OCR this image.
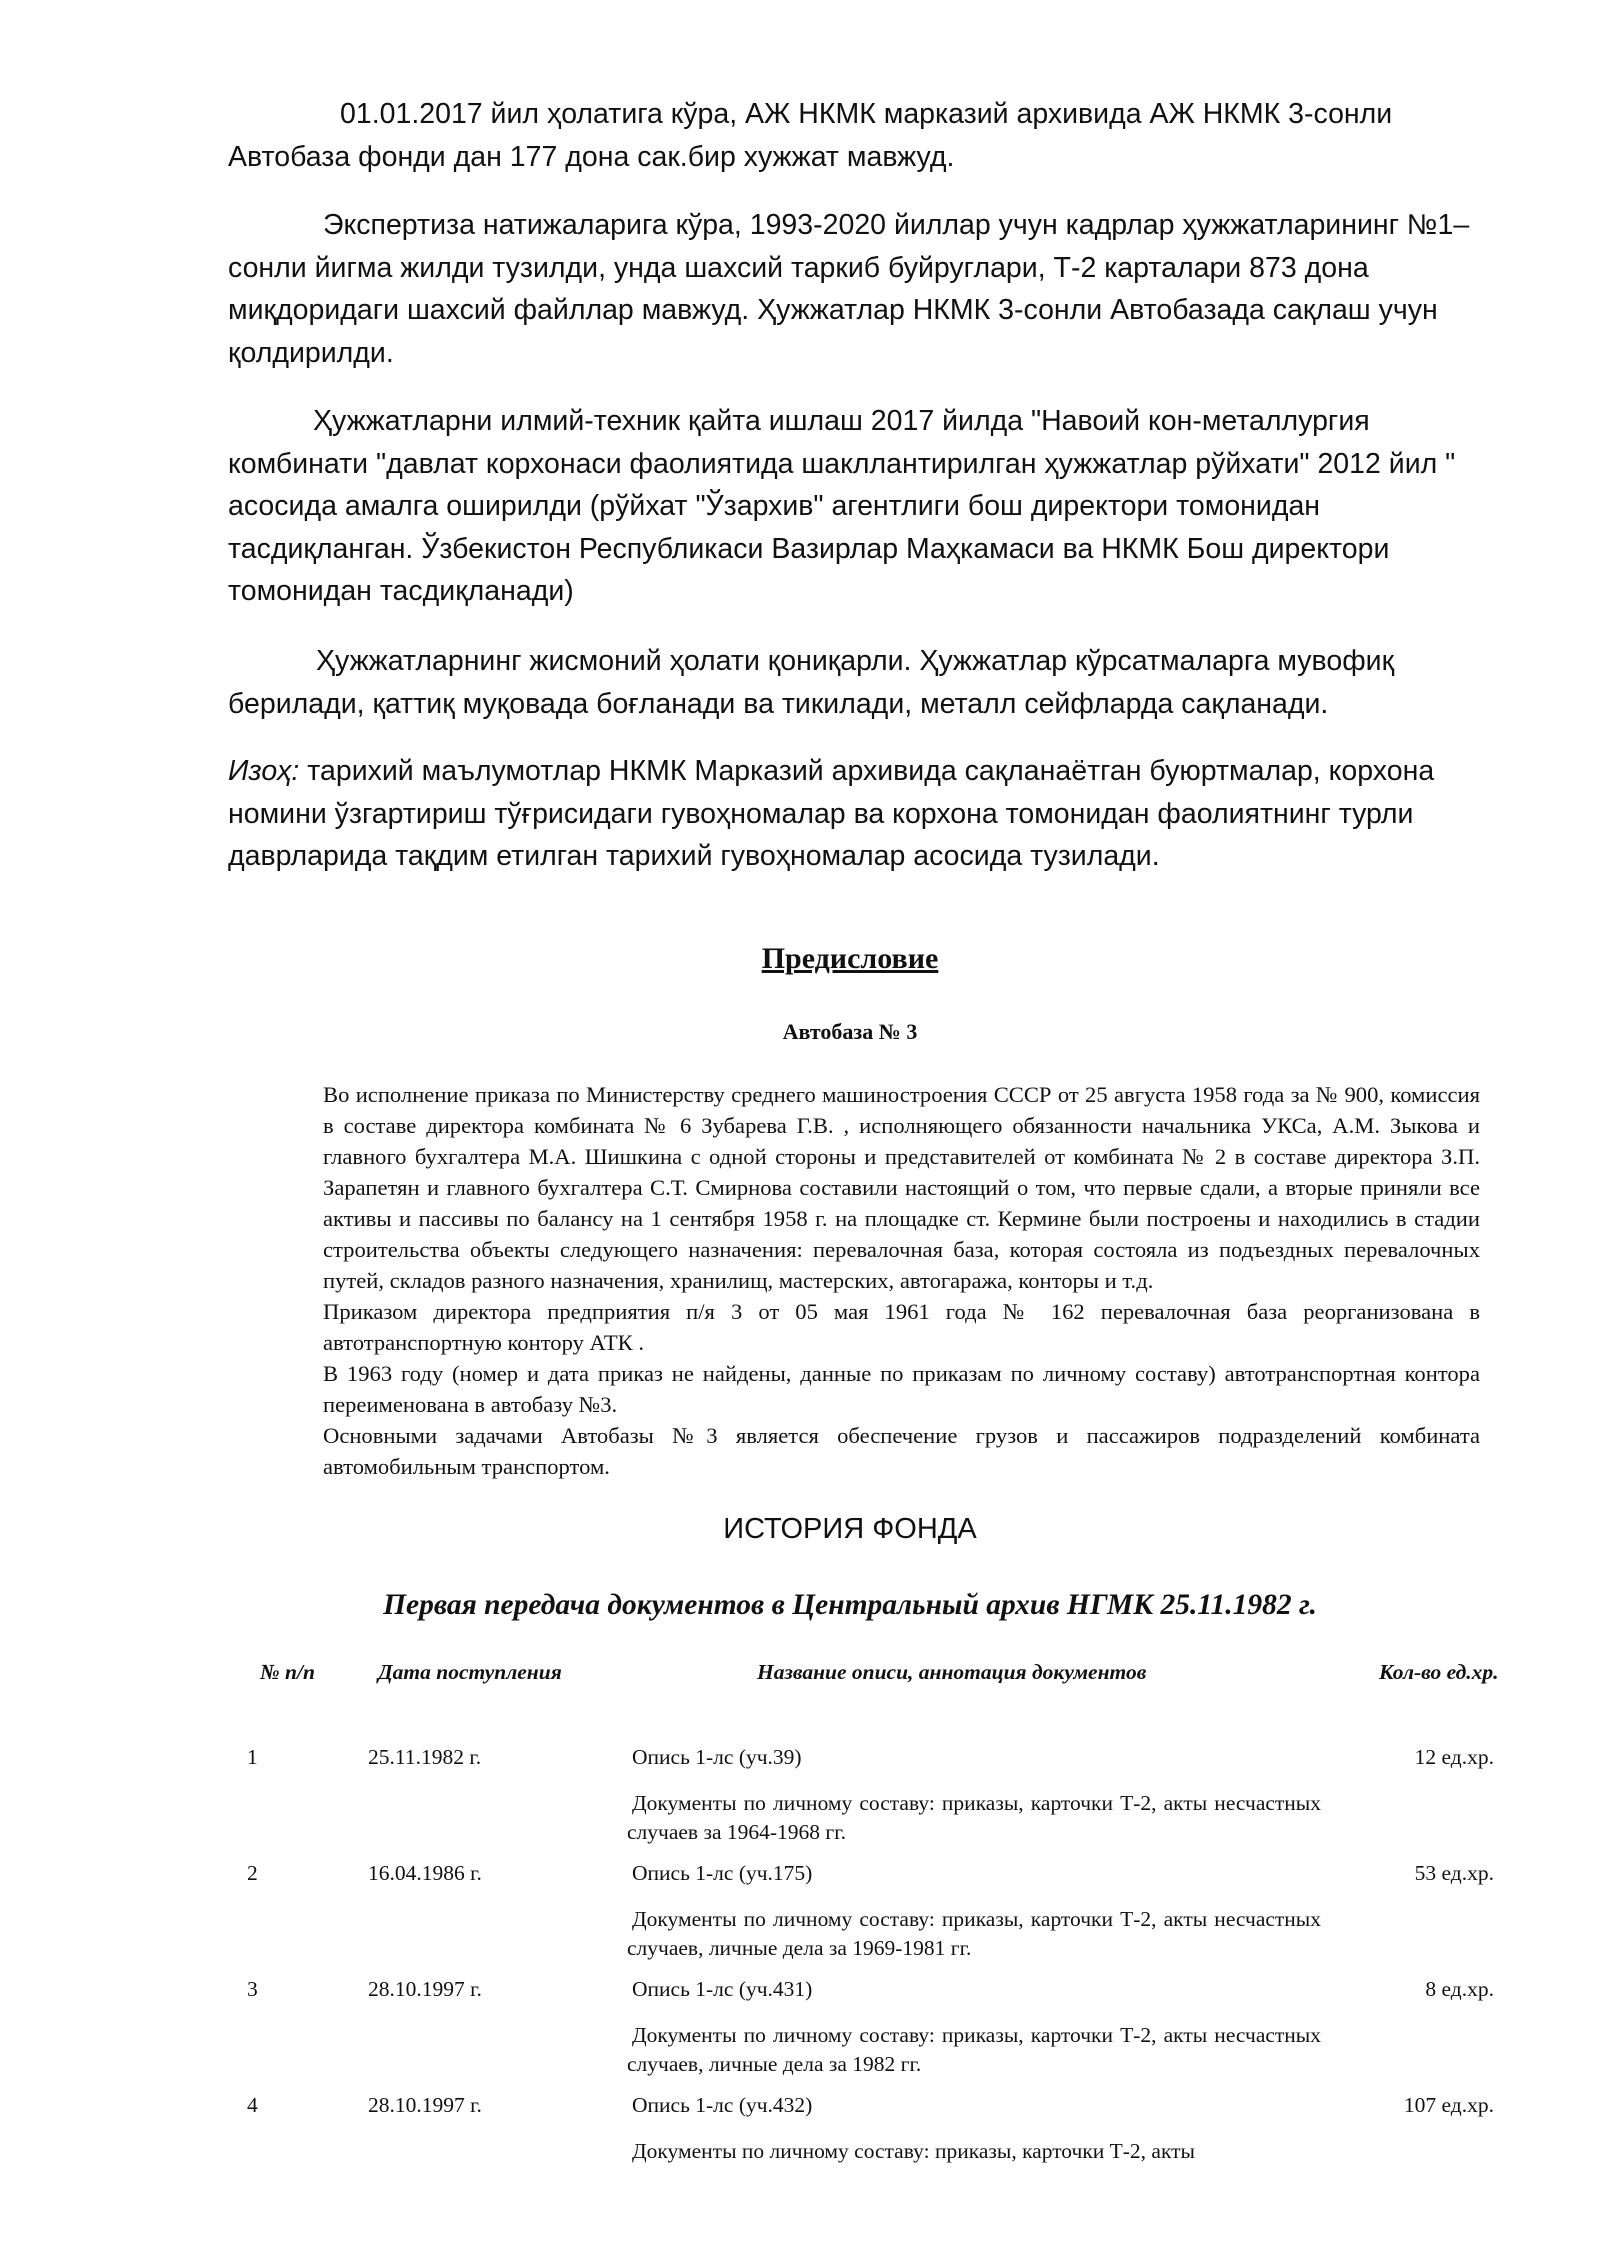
01.01.2017 йил ҳолатига кўра, АЖ НКМК марказий архивида АЖ НКМК 3-сонли Автобаза фонди дан 177 дона сак.бир хужжат мавжуд.

Экспертиза натижаларига кўра, 1993-2020 йиллар учун кадрлар ҳужжатларининг №1–сонли йигма жилди тузилди, унда шахсий таркиб буйруглари, Т-2 карталари 873 дона миқдоридаги шахсий файллар мавжуд. Ҳужжатлар НКМК 3-сонли Автобазада сақлаш учун қолдирилди.

Ҳужжатларни илмий-техник қайта ишлаш 2017 йилда "Навоий кон-металлургия комбинати "давлат корхонаси фаолиятида шакллантирилган ҳужжатлар рўйхати" 2012 йил " асосида амалга оширилди (рўйхат "Ўзархив" агентлиги бош директори томонидан тасдиқланган. Ўзбекистон Республикаси Вазирлар Маҳкамаси ва НКМК Бош директори томонидан тасдиқланади)

Ҳужжатларнинг жисмоний ҳолати қониқарли. Ҳужжатлар кўрсатмаларга мувофиқ берилади, қаттиқ муқовада боғланади ва тикилади, металл сейфларда сақланади.

Изоҳ: тарихий маълумотлар НКМК Марказий архивида сақланаётган буюртмалар, корхона номини ўзгартириш тўғрисидаги гувоҳномалар ва корхона томонидан фаолиятнинг турли даврларида тақдим етилган тарихий гувоҳномалар асосида тузилади.

Предисловие
Автобаза № 3
Во исполнение приказа по Министерству среднего машиностроения СССР от 25 августа 1958 года за № 900, комиссия в составе директора комбината № 6 Зубарева Г.В. , исполняющего обязанности начальника УКСа, А.М. Зыкова и главного бухгалтера М.А. Шишкина с одной стороны и представителей от комбината № 2 в составе директора З.П. Зарапетян и главного бухгалтера С.Т. Смирнова составили настоящий о том, что первые сдали, а вторые приняли все активы и пассивы по балансу на 1 сентября 1958 г. на площадке ст. Кермине были построены и находились в стадии строительства объекты следующего назначения: перевалочная база, которая состояла из подъездных перевалочных путей, складов разного назначения, хранилищ, мастерских, автогаража, конторы и т.д.
Приказом директора предприятия п/я 3 от 05 мая 1961 года № 162 перевалочная база реорганизована в автотранспортную контору АТК .
В 1963 году (номер и дата приказ не найдены, данные по приказам по личному составу) автотранспортная контора переименована в автобазу №3.
Основными задачами Автобазы №3 является обеспечение грузов и пассажиров подразделений комбината автомобильным транспортом.
ИСТОРИЯ ФОНДА
Первая передача документов в Центральный архив НГМК 25.11.1982 г.
№ п/п	Дата поступления	Название описи, аннотация документов	Кол-во ед.хр.
1	25.11.1982 г.	Опись 1-лс (уч.39)	12 ед.хр.
Документы по личному составу: приказы, карточки Т-2, акты несчастных случаев за 1964-1968 гг.
2	16.04.1986 г.	Опись 1-лс (уч.175)	53 ед.хр.
Документы по личному составу: приказы, карточки Т-2, акты несчастных случаев, личные дела за 1969-1981 гг.
3	28.10.1997 г.	Опись 1-лс (уч.431)	8 ед.хр.
Документы по личному составу: приказы, карточки Т-2, акты несчастных случаев, личные дела за 1982 гг.
4	28.10.1997 г.	Опись 1-лс (уч.432)	107 ед.хр.
Документы по личному составу: приказы, карточки Т-2, акты
